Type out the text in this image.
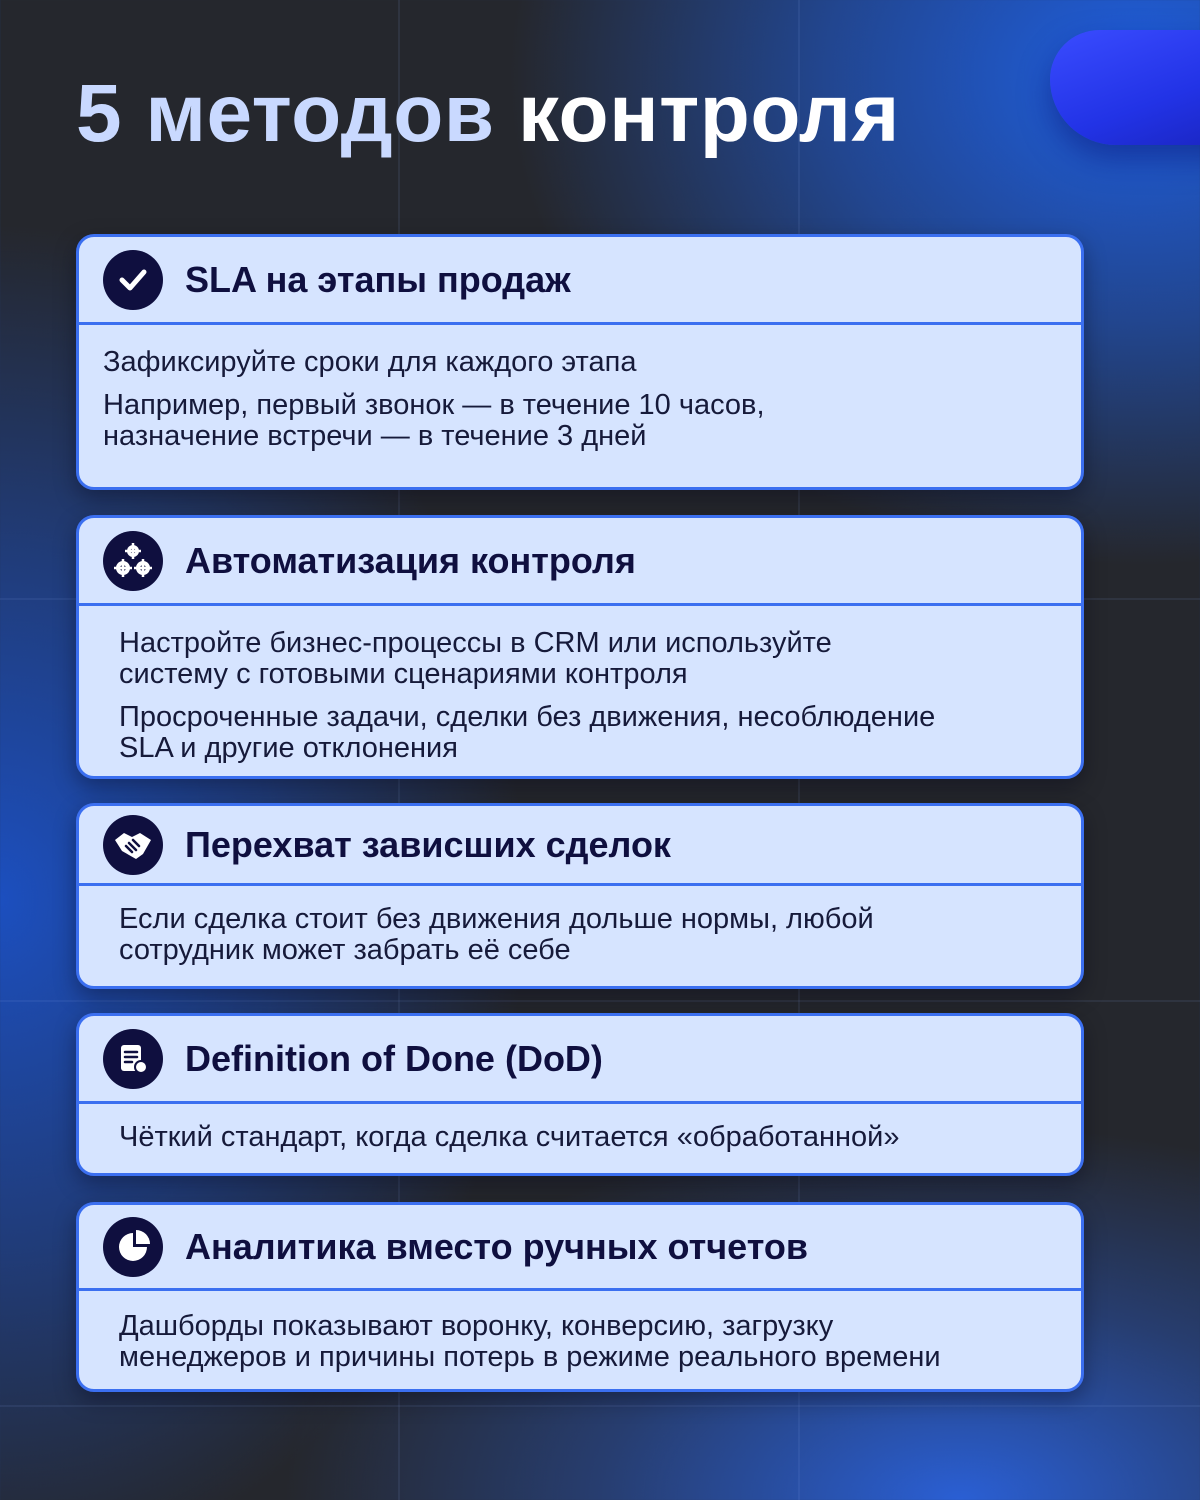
5 методов контроля
SLA на этапы продаж

Зафиксируйте сроки для каждого этапа

Например, первый звонок — в течение 10 часов,
назначение встречи — в течение 3 дней

Автоматизация контроля

Настройте бизнес-процессы в CRM или используйте
систему с готовыми сценариями контроля

Просроченные задачи, сделки без движения, несоблюдение
SLA и другие отклонения

Перехват зависших сделок

Если сделка стоит без движения дольше нормы, любой
сотрудник может забрать её себе

Definition of Done (DoD)

Чёткий стандарт, когда сделка считается «обработанной»

Аналитика вместо ручных отчетов

Дашборды показывают воронку, конверсию, загрузку
менеджеров и причины потерь в режиме реального времени
